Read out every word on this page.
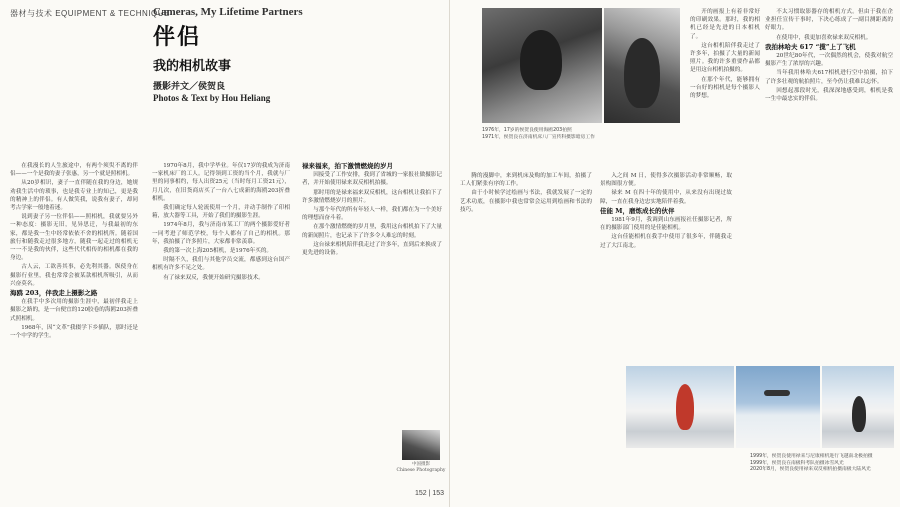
器材与技术 EQUIPMENT & TECHNIQUE
Cameras, My Lifetime Partners
伴侣
我的相机故事
摄影并文／侯贺良
Photos & Text by Hou Heliang

在我漫长的人生旅途中，有两个须臾不离的伴侣——一个是我的妻子张惠，另一个就是照相机。

从20岁相识，妻子一直伴随在我的身边，她规劝我生活中的琐事，也是我专业上的知己，更是我的精神上的伴侣。有人做笑我，说我有妻子，却同考古学家一般地着迷。

说到妻子另一位伴侣——照相机，我就要另外一种态度：摄影无旧，见异思迁，与我最初的东家，都是我一生中经常依依不舍的相机所。随着国旅行和随我走过很多地方，随我一起走过的相机无一一不是我的伙伴，这些代代相传的相机都在我的身边。

古人云，工欲善其事，必先利其器。纵使身在摄影行业里，我也常常会被某款相机所吸引，从而兴奋莫名。

海鸥 203，伴我走上摄影之路

在我手中多次用的摄影生涯中，最初伴我走上摄影之路的，是一台便宜的120胶卷的海鸥203折叠式照相机。

1968年，因“文革”我辍学下乡插队，那时还是一个中学的学生。

1970年8月，我中学毕业。年仅17岁的我成为济南一家机床厂的工人。记得领到工资的当个月，我就与厂里的同事相约，每人出资25元（当时每月工资21元），月几次，在旧货商店买了一台八七成新的海鸥203折叠相机。

我们确定每人轮流使用一个月，并动手制作了印相箱，放大器等工具，开始了我们的摄影生涯。

1974年8月，我与济南市某工厂的两个摄影爱好者一同考进了师范学校，每个人都有了自己的相机。那年，我拍摄了许多照片，大家都非常羡慕。

我的第一次上海205相机，是1976年买的。

时隔不久，我们与其他学员交流，都感到这台国产相机有许多不足之处。

有了禄来双反，我便开始研究摄影技术。

禄来福来，拍下激情燃烧的岁月

因接受了工作安排，我到了省城的一家报社做摄影记者，并开始使用禄来双反相机拍摄。

那时用的是禄来福来双反相机，这台相机让我拍下了许多激情燃烧岁月的照片。

与那个年代的所有年轻人一样，我们都在为一个美好的理想而奋斗着。

在那个激情燃烧的岁月里，我用这台相机拍下了大量的新闻照片，也记录下了许多令人难忘的时刻。

这台禄来相机陪伴我走过了许多年，直到后来换成了更先进的设备。

中国摄影
Chinese Photography
152 | 153
1976年，17岁的侯贺良使用海鸥203拍照
1971年，侯贺良在济南机床八厂宣传科摄影暗房工作

腾的漫脚中，来到机床及购的加工车间，拍摄了工人们紧张有序的工作。

由于小时候学过绘画与书法，我就发展了一定的艺术功底，在摄影中我也常常会运用到绘画和书法的技巧。

入之间 M 日，使得多次摄影活动非常顺畅，取景构图很方便。

禄来 M 在四十年的使用中，从来没有出现过故障，一直在我身边忠实地陪伴着我。

佳能 M，磨炼成长的伙伴

1981年9月，我调到山东画报社任摄影记者，所在的摄影部门使用的是佳能相机。

这台佳能相机在我手中使用了很多年，伴随我走过了大江南北。

开的画报上有着非常好的印刷效果。那时，我的相机已经是先进的日本相机了。

这台相机陪伴我走过了许多年，拍摄了大量的新闻照片。我的许多重要作品都是用这台相机拍摄的。

在那个年代，能够拥有一台好的相机是每个摄影人的梦想。

不太习惯取影器存的相机方式。但由于我在企业担任宣传干事时，下决心练成了一副目测距离的好眼力。

在使用中，我更加喜欢禄来双反相机。

我拍林哈夫 617 “揽”上了飞机

20世纪80年代，一次偶然的机会，使我对航空摄影产生了浓厚的兴趣。

当年我用林哈夫617相机进行空中拍摄，拍下了许多壮观的航拍照片，至今仍让我难以忘怀。

回想起那段时光，我深深地感受到，相机是我一生中最忠实的伴侣。

1999年，侯贺良使用禄来与尼康相机进行飞越南北极拍摄
1999年，侯贺良在南极科考队拍摄冰雪风光
2020年8月，侯贺良使用禄来双反相机拍摄南极大陆风光
